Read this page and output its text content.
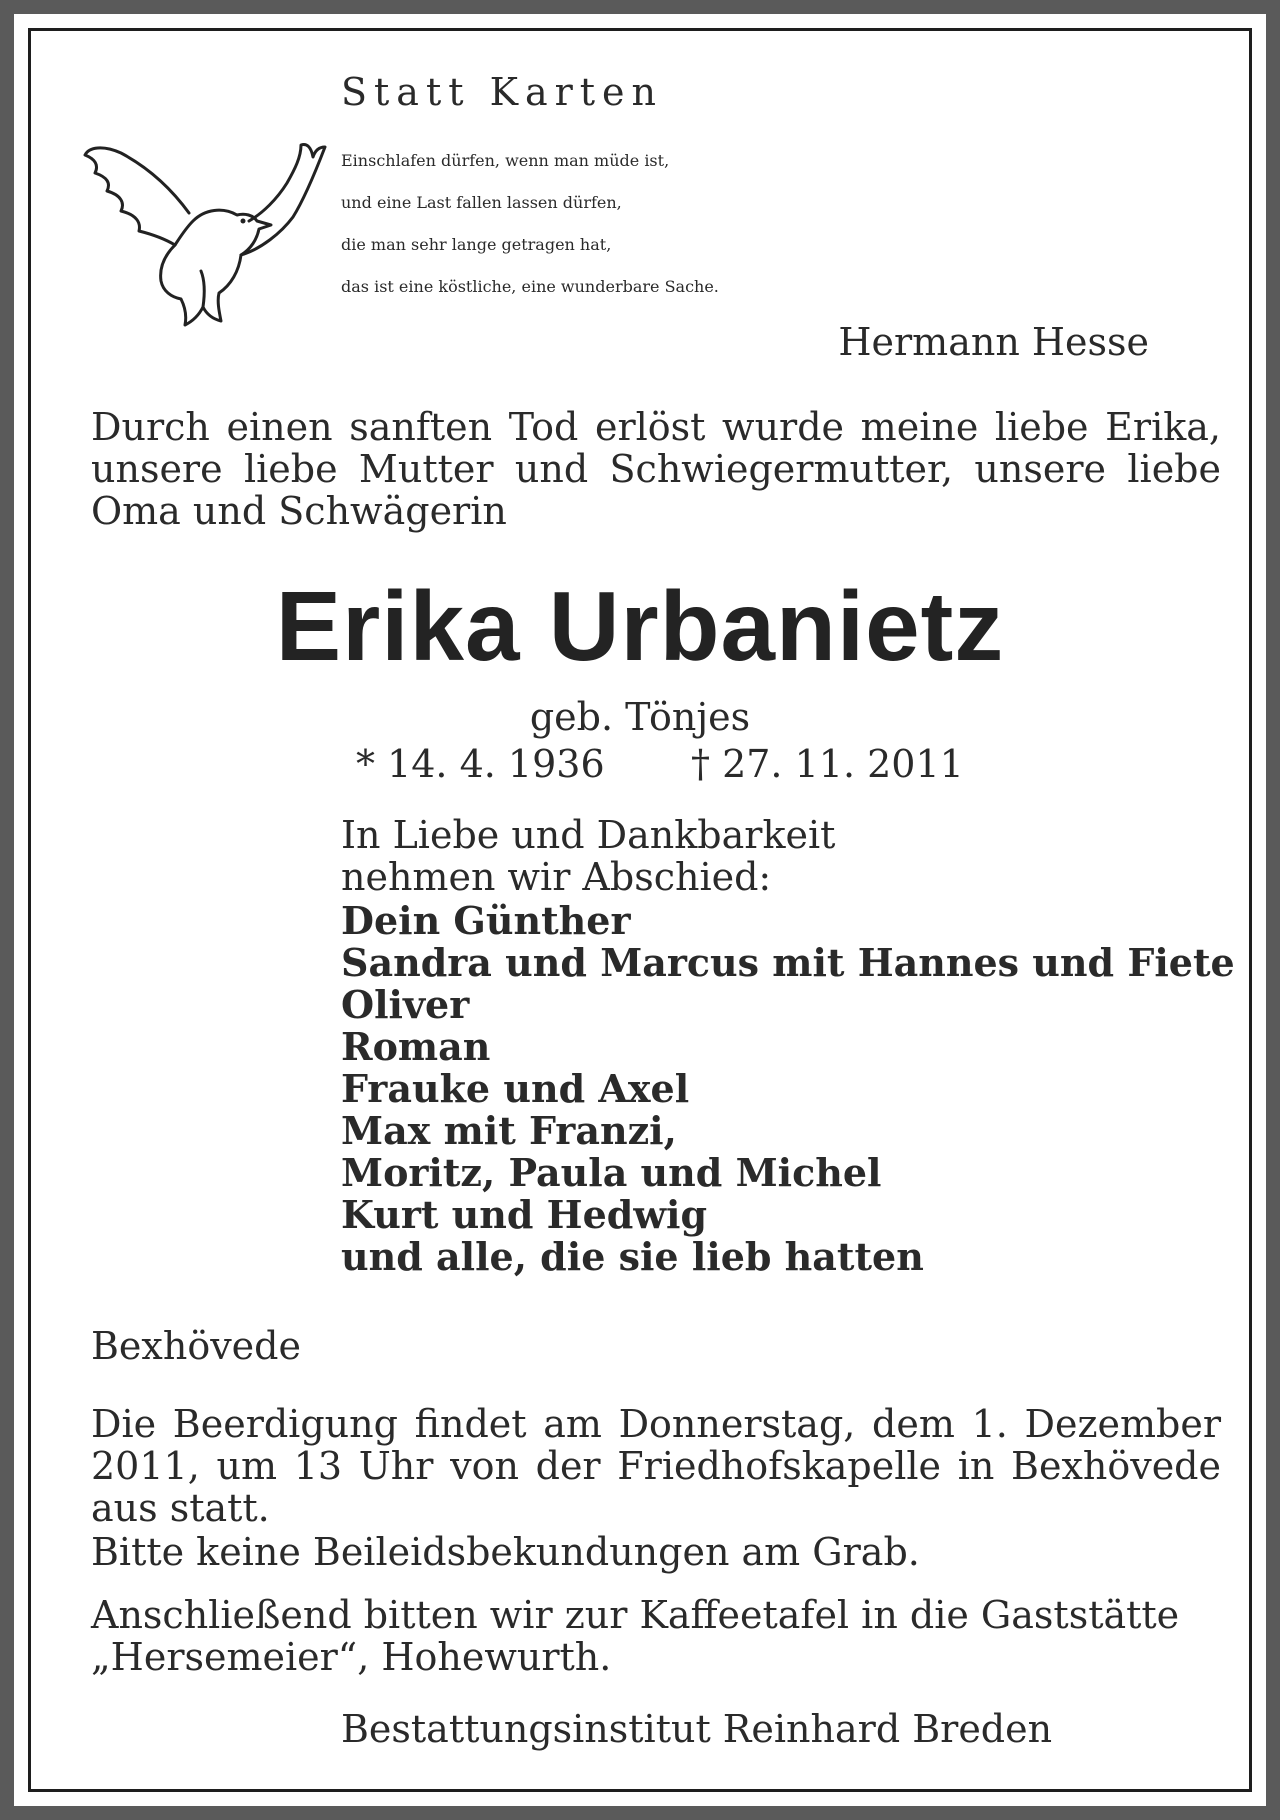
Statt Karten
Einschlafen dürfen, wenn man müde ist,
und eine Last fallen lassen dürfen,
die man sehr lange getragen hat,
das ist eine köstliche, eine wunderbare Sache.
Hermann Hesse
Durch einen sanften Tod erlöst wurde meine liebe Erika,
unsere liebe Mutter und Schwiegermutter, unsere liebe
Oma und Schwägerin
Erika Urbanietz
geb. Tönjes
* 14. 4. 1936 † 27. 11. 2011
In Liebe und Dankbarkeit
nehmen wir Abschied:
Dein Günther
Sandra und Marcus mit Hannes und Fiete
Oliver
Roman
Frauke und Axel
Max mit Franzi,
Moritz, Paula und Michel
Kurt und Hedwig
und alle, die sie lieb hatten
Bexhövede
Die Beerdigung findet am Donnerstag, dem 1. Dezember
2011, um 13 Uhr von der Friedhofskapelle in Bexhövede
aus statt.
Bitte keine Beileidsbekundungen am Grab.
Anschließend bitten wir zur Kaffeetafel in die Gaststätte
„Hersemeier“, Hohewurth.
Bestattungsinstitut Reinhard Breden
